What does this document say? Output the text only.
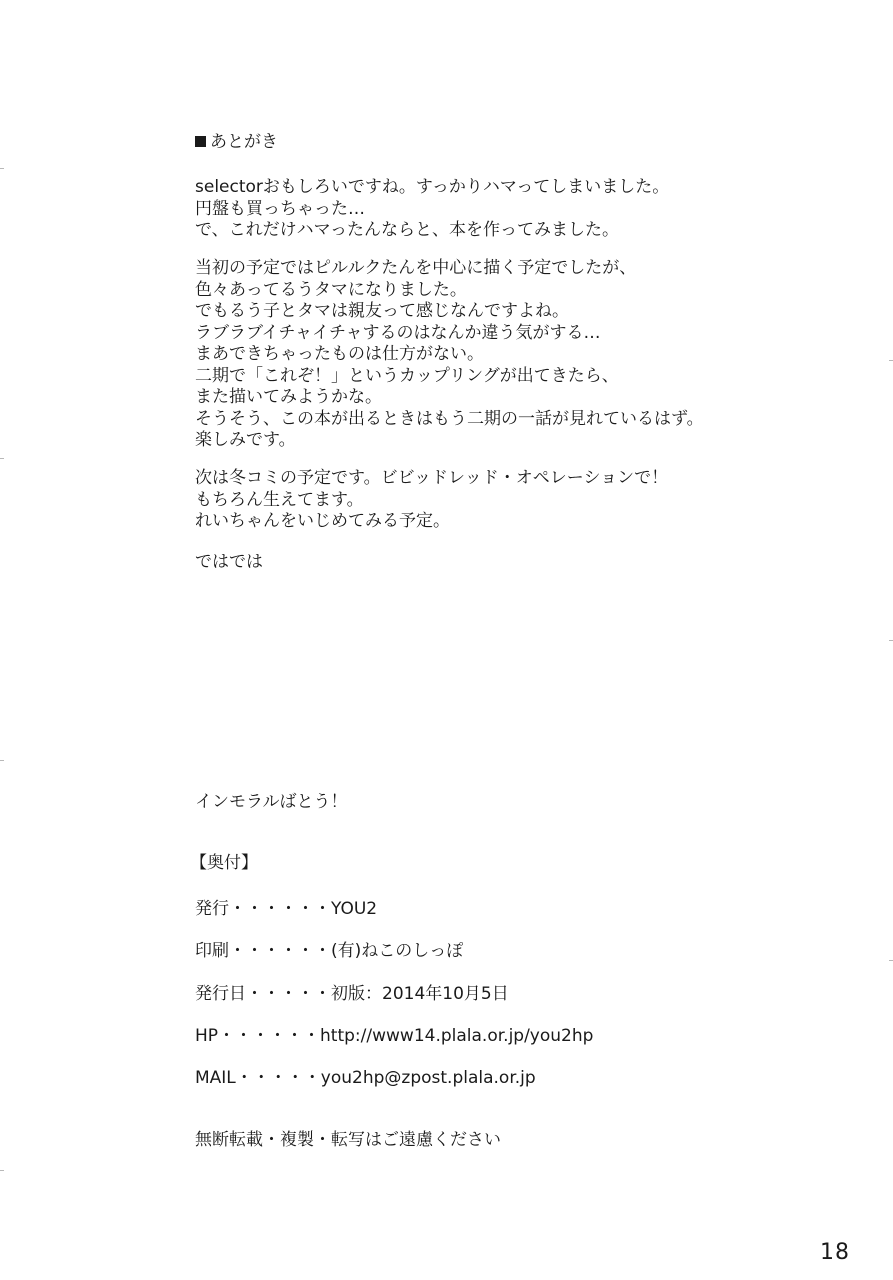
あとがき
selectorおもしろいですね。すっかりハマってしまいました。
円盤も買っちゃった…
で、これだけハマったんならと、本を作ってみました。
当初の予定ではピルルクたんを中心に描く予定でしたが、
色々あってるうタマになりました。
でもるう子とタマは親友って感じなんですよね。
ラブラブイチャイチャするのはなんか違う気がする…
まあできちゃったものは仕方がない。
二期で「これぞ！」というカップリングが出てきたら、
また描いてみようかな。
そうそう、この本が出るときはもう二期の一話が見れているはず。
楽しみです。
次は冬コミの予定です。ビビッドレッド・オペレーションで！
もちろん生えてます。
れいちゃんをいじめてみる予定。
ではでは
インモラルばとう！
【奥付】
発行・・・・・・YOU2
印刷・・・・・・(有)ねこのしっぽ
発行日・・・・・初版：2014年10月5日
HP・・・・・・http://www14.plala.or.jp/you2hp
MAIL・・・・・you2hp@zpost.plala.or.jp
無断転載・複製・転写はご遠慮ください
18
